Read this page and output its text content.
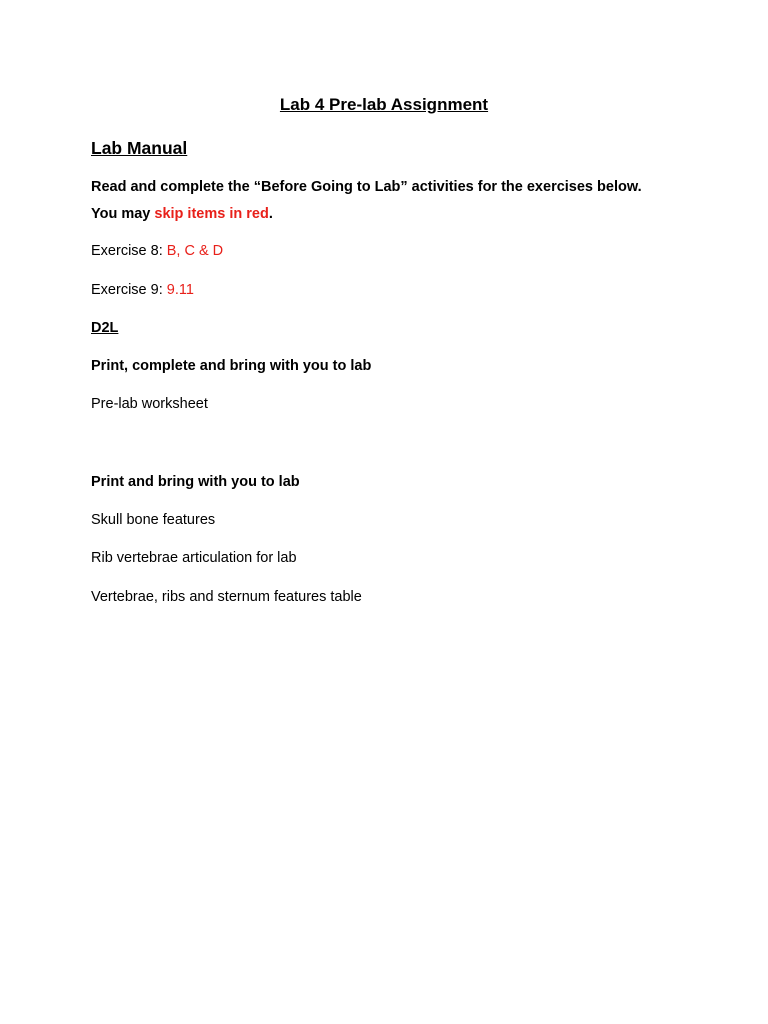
Lab 4 Pre-lab Assignment
Lab Manual

Read and complete the “Before Going to Lab” activities for the exercises below.

You may skip items in red.

Exercise 8: B, C & D

Exercise 9: 9.11

D2L

Print, complete and bring with you to lab

Pre-lab worksheet

Print and bring with you to lab

Skull bone features

Rib vertebrae articulation for lab

Vertebrae, ribs and sternum features table
